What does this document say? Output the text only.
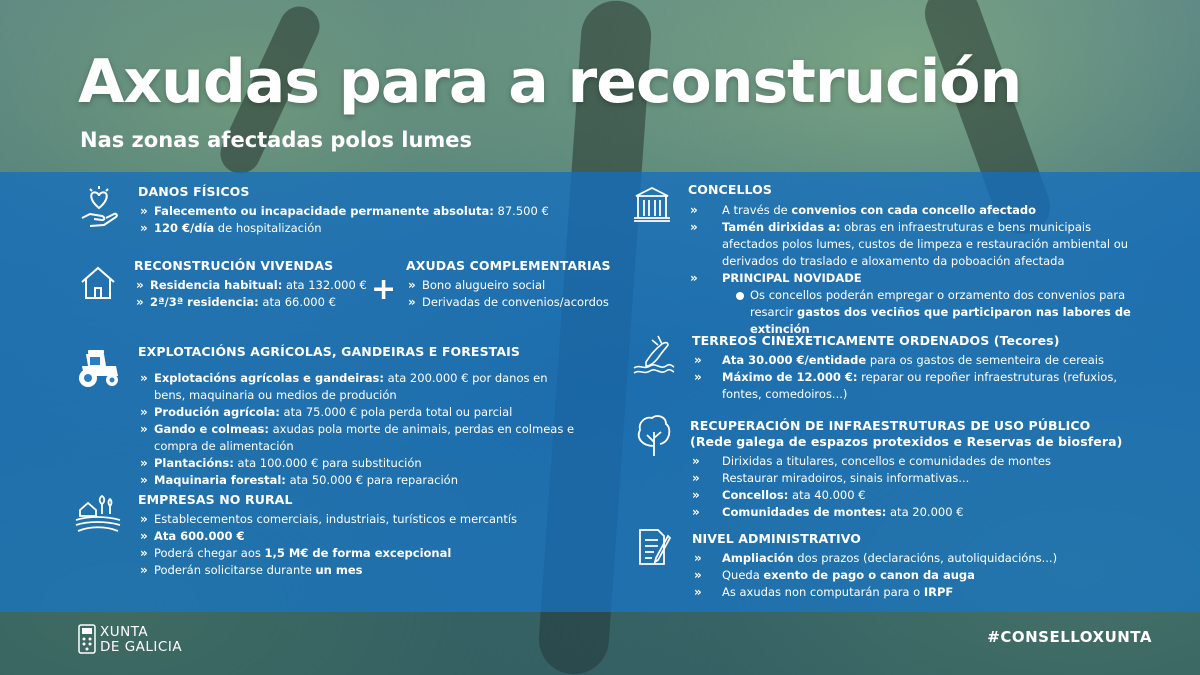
Axudas para a reconstrución
Nas zonas afectadas polos lumes
DANOS FÍSICOS
» Falecemento ou incapacidade permanente absoluta: 87.500 €
» 120 €/día de hospitalización
RECONSTRUCIÓN VIVENDAS
» Residencia habitual: ata 132.000 €
» 2ª/3ª residencia: ata 66.000 €	+
AXUDAS COMPLEMENTARIAS
» Bono alugueiro social
» Derivadas de convenios/acordos
EXPLOTACIÓNS AGRÍCOLAS, GANDEIRAS E FORESTAIS
» Explotacións agrícolas e gandeiras: ata 200.000 € por danos en bens, maquinaria ou medios de produción
» Produción agrícola: ata 75.000 € pola perda total ou parcial
» Gando e colmeas: axudas pola morte de animais, perdas en colmeas e compra de alimentación
» Plantacións: ata 100.000 € para substitución
» Maquinaria forestal: ata 50.000 € para reparación
EMPRESAS NO RURAL
» Establecementos comerciais, industriais, turísticos e mercantís
» Ata 600.000 €
» Poderá chegar aos 1,5 M€ de forma excepcional
» Poderán solicitarse durante un mes
CONCELLOS
» A través de convenios con cada concello afectado
» Tamén dirixidas a: obras en infraestruturas e bens municipais afectados polos lumes, custos de limpeza e restauración ambiental ou derivados do traslado e aloxamento da poboación afectada
» PRINCIPAL NOVIDADE
Os concellos poderán empregar o orzamento dos convenios para resarcir gastos dos veciños que participaron nas labores de extinción
TERREOS CINEXETICAMENTE ORDENADOS (Tecores)
» Ata 30.000 €/entidade para os gastos de sementeira de cereais
» Máximo de 12.000 €: reparar ou repoñer infraestruturas (refuxios, fontes, comedoiros...)
RECUPERACIÓN DE INFRAESTRUTURAS DE USO PÚBLICO
(Rede galega de espazos protexidos e Reservas de biosfera)
» Dirixidas a titulares, concellos e comunidades de montes
» Restaurar miradoiros, sinais informativas...
» Concellos: ata 40.000 €
» Comunidades de montes: ata 20.000 €
NIVEL ADMINISTRATIVO
» Ampliación dos prazos (declaracións, autoliquidacións...)
» Queda exento de pago o canon da auga
» As axudas non computarán para o IRPF
XUNTA
DE GALICIA
#CONSELLOXUNTA
